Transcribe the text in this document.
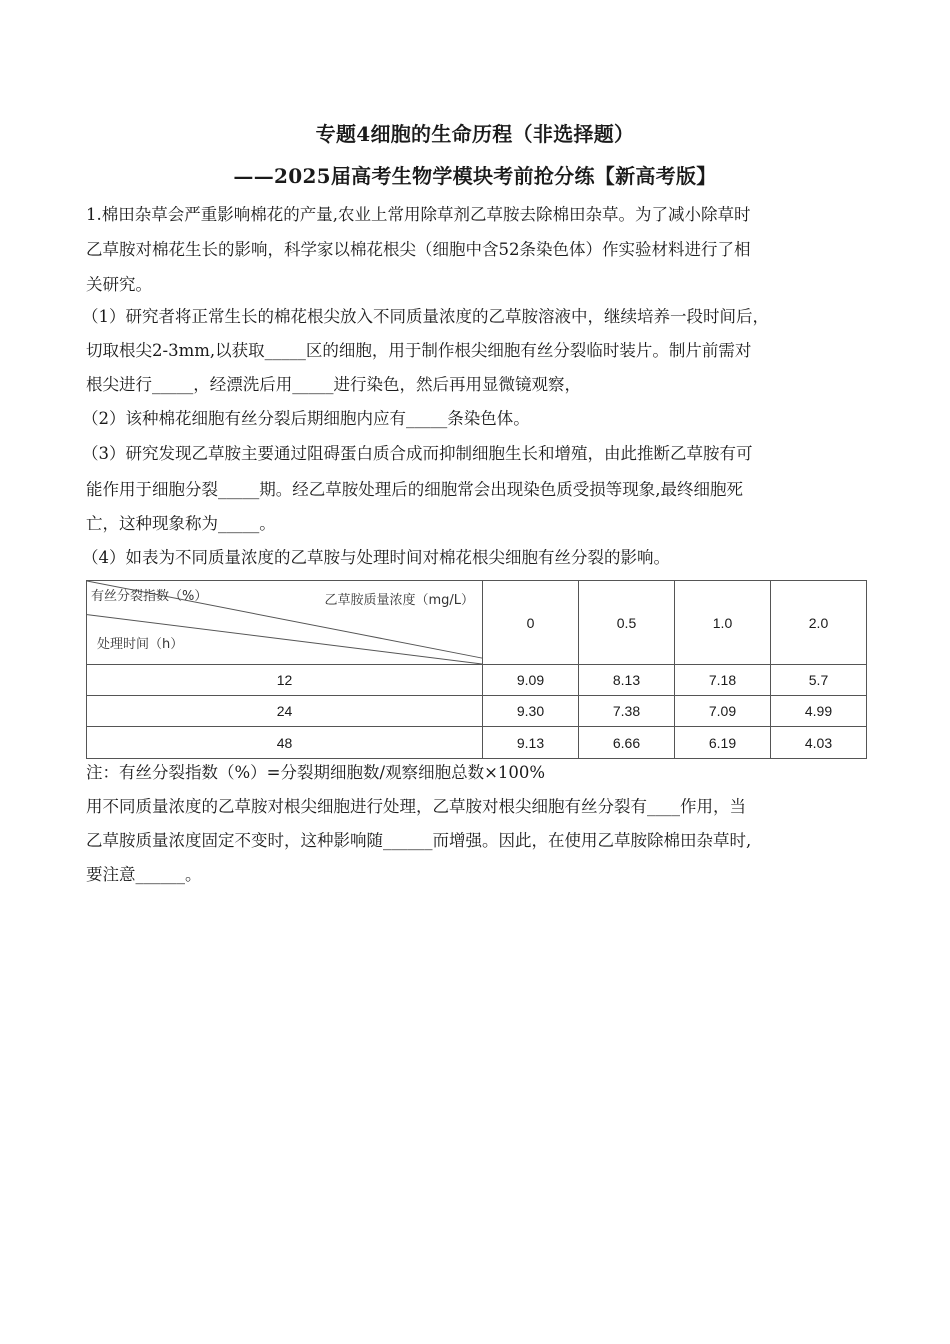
专题4细胞的生命历程（非选择题）
——2025届高考生物学模块考前抢分练【新高考版】
1.棉田杂草会严重影响棉花的产量,农业上常用除草剂乙草胺去除棉田杂草。为了减小除草时
乙草胺对棉花生长的影响，科学家以棉花根尖（细胞中含52条染色体）作实验材料进行了相
关研究。
（1）研究者将正常生长的棉花根尖放入不同质量浓度的乙草胺溶液中，继续培养一段时间后，
切取根尖2-3mm,以获取_____区的细胞，用于制作根尖细胞有丝分裂临时装片。制片前需对
根尖进行_____，经漂洗后用_____进行染色，然后再用显微镜观察，
（2）该种棉花细胞有丝分裂后期细胞内应有_____条染色体。
（3）研究发现乙草胺主要通过阻碍蛋白质合成而抑制细胞生长和增殖，由此推断乙草胺有可
能作用于细胞分裂_____期。经乙草胺处理后的细胞常会出现染色质受损等现象,最终细胞死
亡，这种现象称为_____。
（4）如表为不同质量浓度的乙草胺与处理时间对棉花根尖细胞有丝分裂的影响。
有丝分裂指数（%） 乙草胺质量浓度（mg/L）
处理时间（h）	0	0.5	1.0	2.0
12	9.09	8.13	7.18	5.7
24	9.30	7.38	7.09	4.99
48	9.13	6.66	6.19	4.03
注：有丝分裂指数（%）=分裂期细胞数/观察细胞总数×100%
用不同质量浓度的乙草胺对根尖细胞进行处理，乙草胺对根尖细胞有丝分裂有____作用，当
乙草胺质量浓度固定不变时，这种影响随______而增强。因此，在使用乙草胺除棉田杂草时,
要注意______。
